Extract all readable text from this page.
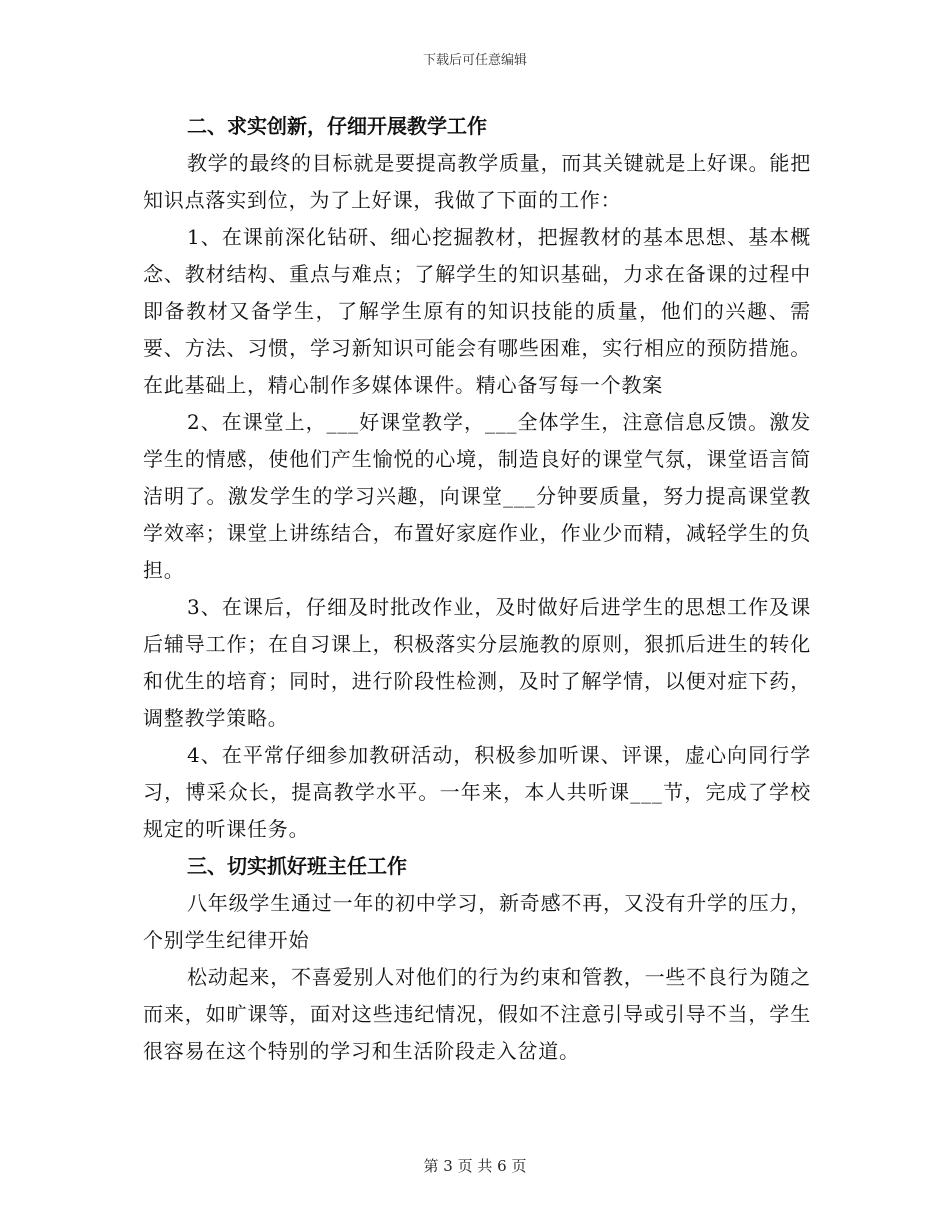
下载后可任意编辑
二、求实创新，仔细开展教学工作

教学的最终的目标就是要提高教学质量，而其关键就是上好课。能把知识点落实到位，为了上好课，我做了下面的工作：

1、在课前深化钻研、细心挖掘教材，把握教材的基本思想、基本概念、教材结构、重点与难点；了解学生的知识基础，力求在备课的过程中即备教材又备学生，了解学生原有的知识技能的质量，他们的兴趣、需要、方法、习惯，学习新知识可能会有哪些困难，实行相应的预防措施。在此基础上，精心制作多媒体课件。精心备写每一个教案

2、在课堂上，___好课堂教学，___全体学生，注意信息反馈。激发学生的情感，使他们产生愉悦的心境，制造良好的课堂气氛，课堂语言简洁明了。激发学生的学习兴趣，向课堂___分钟要质量，努力提高课堂教学效率；课堂上讲练结合，布置好家庭作业，作业少而精，减轻学生的负担。

3、在课后，仔细及时批改作业，及时做好后进学生的思想工作及课后辅导工作；在自习课上，积极落实分层施教的原则，狠抓后进生的转化和优生的培育；同时，进行阶段性检测，及时了解学情，以便对症下药，调整教学策略。

4、在平常仔细参加教研活动，积极参加听课、评课，虚心向同行学习，博采众长，提高教学水平。一年来，本人共听课___节，完成了学校规定的听课任务。

三、切实抓好班主任工作

八年级学生通过一年的初中学习，新奇感不再，又没有升学的压力，个别学生纪律开始

松动起来，不喜爱别人对他们的行为约束和管教，一些不良行为随之而来，如旷课等，面对这些违纪情况，假如不注意引导或引导不当，学生很容易在这个特别的学习和生活阶段走入岔道。

第 3 页 共 6 页
